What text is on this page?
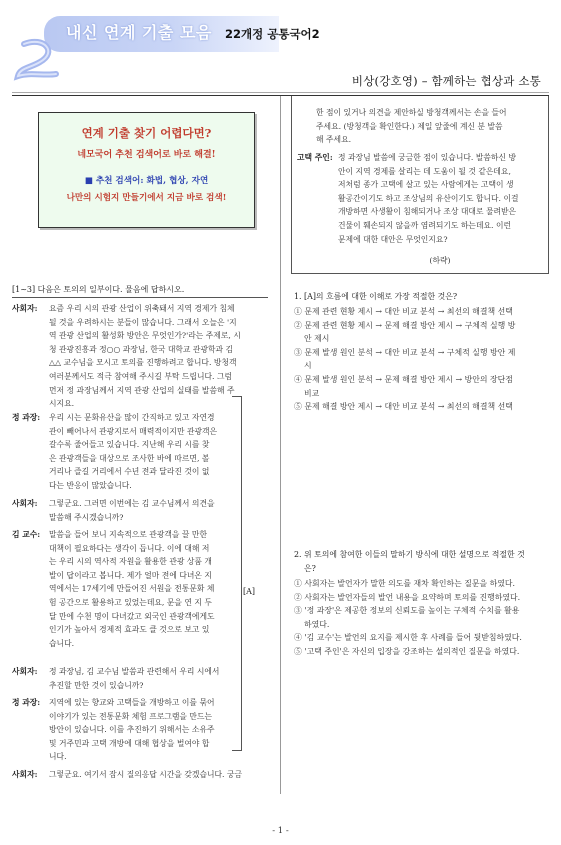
내신 연계 기출 모음 22개정 공통국어2
비상(강호영) – 함께하는 협상과 소통
연계 기출 찾기 어렵다면?
네모국어 추천 검색어로 바로 해결!
■ 추천 검색어: 화법, 협상, 자연
나만의 시험지 만들기에서 지금 바로 검색!
[1~3] 다음은 토의의 일부이다. 물음에 답하시오.
사회자: 요즘 우리 시의 관광 산업이 위축돼서 지역 경제가 침체
될 것을 우려하시는 분들이 많습니다. 그래서 오늘은 '지
역 관광 산업의 활성화 방안은 무엇인가?'라는 주제로, 시
청 관광진흥과 정○○ 과장님, 한국 대학교 관광학과 김
△△ 교수님을 모시고 토의를 진행하려고 합니다. 방청객
여러분께서도 적극 참여해 주시길 부탁 드립니다. 그럼
먼저 정 과장님께서 지역 관광 산업의 실태를 발씀해 주
시지요.
정 과장: 우리 시는 문화유산을 많이 간직하고 있고 자연경
관이 빼어나서 관광지로서 매력적이지만 관광객은
갈수록 줄어들고 있습니다. 지난해 우리 시를 찾
은 관광객들을 대상으로 조사한 바에 따르면, 볼
거리나 즐길 거리에서 수년 전과 달라진 것이 없
다는 반응이 많았습니다.
사회자: 그렇군요. 그러면 이번에는 김 교수님께서 의견을
말씀해 주시겠습니까?
김 교수: 말씀을 들어 보니 지속적으로 관광객을 끌 만한
대책이 필요하다는 생각이 듭니다. 이에 대해 저
는 우리 시의 역사적 자원을 활용한 관광 상품 개
발이 답이라고 봅니다. 제가 얼마 전에 다녀온 지
역에서는 17세기에 만들어진 서원을 전통문화 체
험 공간으로 활용하고 있었는데요, 문을 연 지 두
달 만에 수천 명이 다녀갔고 외국인 관광객에게도
인기가 높아서 경제적 효과도 클 것으로 보고 있
습니다.
사회자: 정 과장님, 김 교수님 발씀과 관련해서 우리 시에서
추진할 만한 것이 있습니까?
정 과장: 지역에 있는 향교와 고택들을 개방하고 이를 묶어
이야기가 있는 전통문화 체험 프로그램을 만드는
방안이 있습니다. 이를 추진하기 위해서는 소유주
및 거주민과 고택 개방에 대해 협상을 벌여야 합
니다.
사회자: 그렇군요. 여기서 잠시 질의응답 시간을 갖겠습니다. 궁금
[A]
한 점이 있거나 의견을 제안하실 방청객께서는 손을 들어
주세요. (방청객을 확인한다.) 제일 앞줄에 계신 분 발씀
해 주세요.
고택 주인: 정 과장님 발씀에 궁금한 점이 있습니다. 발씀하신 방
안이 지역 경제를 살리는 데 도움이 될 것 같은데요,
저처럼 종가 고택에 살고 있는 사람에게는 고택이 생
활공간이기도 하고 조상님의 유산이기도 합니다. 이걸
개방하면 사생활이 침해되거나 조상 대대로 물려받은
건물이 훼손되지 않을까 염려되기도 하는데요. 이런
문제에 대한 대안은 무엇인지요?
(하략)
1. [A]의 흐름에 대한 이해로 가장 적절한 것은?
① 문제 관련 현황 제시 → 대안 비교 분석 → 최선의 해결책 선택
② 문제 관련 현황 제시 → 문제 해결 방안 제시 → 구체적 실행 방
안 제시
③ 문제 발생 원인 분석 → 대안 비교 분석 → 구체적 실행 방안 제
시
④ 문제 발생 원인 분석 → 문제 해결 방안 제시 → 방안의 장단점
비교
⑤ 문제 해결 방안 제시 → 대안 비교 분석 → 최선의 해결책 선택
2. 위 토의에 참여한 이들의 말하기 방식에 대한 설명으로 적절한 것
은?
① 사회자는 발언자가 말한 의도를 재차 확인하는 질문을 하였다.
② 사회자는 발언자들의 발언 내용을 요약하며 토의를 진행하였다.
③ '정 과장'은 제공한 정보의 신뢰도를 높이는 구체적 수치를 활용
하였다.
④ '김 교수'는 발언의 요지를 제시한 후 사례를 들어 뒷받침하였다.
⑤ '고택 주인'은 자신의 입장을 강조하는 설의적인 질문을 하였다.
- 1 -
